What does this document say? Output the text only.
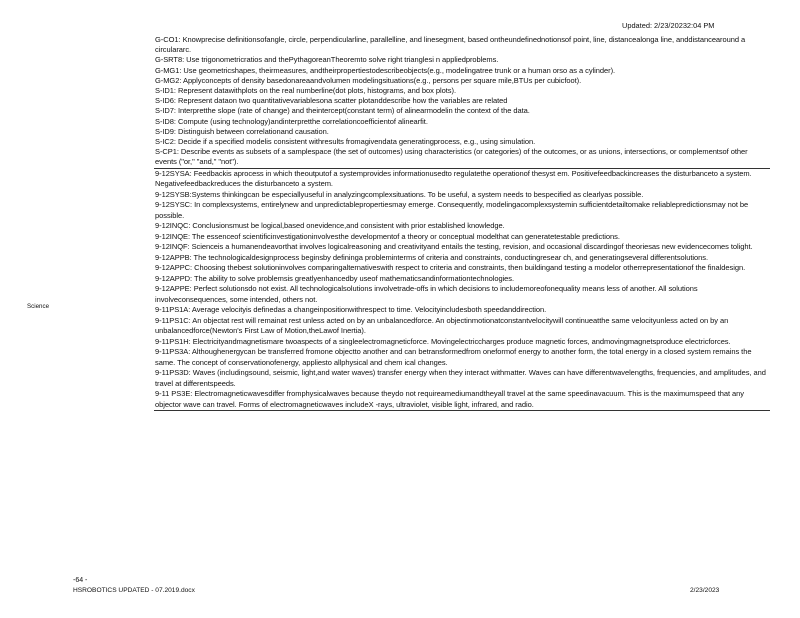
Updated: 2/23/20232:04 PM

G-CO1: Knowprecise definitionsofangle, circle, perpendicularline, parallelline, and linesegment, based ontheundefinednotionsof point, line, distancealonga line, anddistancearound a circulararc.

G-SRT8: Use trigonometricratios and thePythagoreanTheoremto solve right trianglesi n appliedproblems.

G-MG1: Use geometricshapes, theirmeasures, andtheirpropertiestodescribeobjects(e.g., modelingatree trunk or a human orso as a cylinder).

G-MG2: Applyconcepts of density basedonareaandvolumen modelingsituations(e.g., persons per square mile,BTUs per cubicfoot).

S-ID1: Represent datawithplots on the real numberline(dot plots, histograms, and box plots).

S-ID6: Represent dataon two quantitativevariablesona scatter plotanddescribe how the variables are related

S-ID7: Interpretthe slope (rate of change) and theintercept(constant term) of alinearmodelin the context of the data.

S-ID8: Compute (using technology)andinterpretthe correlationcoefficientof alinearfit.

S-ID9: Distinguish between correlationand causation.

S-IC2: Decide if a specified modelis consistent withresults fromagivendata generatingprocess, e.g., using simulation.

S-CP1: Describe events as subsets of a samplespace (the set of outcomes) using characteristics (or categories) of the outcomes, or as unions, intersections, or complementsof other events ("or," "and," "not").

Science

9-12SYSA: Feedbackis aprocess in which theoutputof a systemprovides informationusedto regulatethe operationof thesyst em. Positivefeedbackincreases the disturbanceto a system. Negativefeedbackreduces the disturbanceto a system.

9-12SYSB:Systems thinkingcan be especiallyuseful in analyzingcomplexsituations. To be useful, a system needs to bespecified as clearlyas possible.

9-12SYSC: In complexsystems, entirelynew and unpredictablepropertiesmay emerge. Consequently, modelingacomplexsystemin sufficientdetailtomake reliablepredictionsmay not be possible.

9-12INQC: Conclusionsmust be logical,based onevidence,and consistent with prior established knowledge.

9-12INQE: The essenceof scientificinvestigationinvolvesthe developmentof a theory or conceptual modelthat can generatetestable predictions.

9-12INQF: Scienceis a humanendeavorthat involves logicalreasoning and creativityand entails the testing, revision, and occasional discardingof theoriesas new evidencecomes tolight.

9-12APPB: The technologicaldesignprocess beginsby defininga probleminterms of criteria and constraints, conductingresear ch, and generatingseveral differentsolutions.

9-12APPC: Choosing thebest solutioninvolves comparingalternativeswith respect to criteria and constraints, then buildingand testing a modelor otherrepresentationof the finaldesign.

9-12APPD: The ability to solve problemsis greatlyenhancedby useof mathematicsandinformationtechnologies.

9-12APPE: Perfect solutionsdo not exist. All technologicalsolutions involvetrade-offs in which decisions to includemoreofonequality means less of another. All solutions involveconsequences, some intended, others not.

9-11PS1A: Average velocityis definedas a changeinpositionwithrespect to time. Velocityincludesboth speedanddirection.

9-11PS1C: An objectat rest will remainat rest unless acted on by an unbalancedforce. An objectinmotionatconstantvelocitywill continueatthe same velocityunless acted on by an unbalancedforce(Newton's First Law of Motion,theLawof Inertia).

9-11PS1H: Electricityandmagnetismare twoaspects of a singleelectromagneticforce. Movingelectriccharges produce magnetic forces, andmovingmagnetsproduce electricforces.

9-11PS3A: Althoughenergycan be transferred fromone objectto another and can betransformedfrom oneformof energy to another form, the total energy in a closed system remains the same. The concept of conservationofenergy, appliesto allphysical and chem ical changes.

9-11PS3D: Waves (includingsound, seismic, light,and water waves) transfer energy when they interact withmatter. Waves can have differentwavelengths, frequencies, and amplitudes, and travel at differentspeeds.

9-11 PS3E: Electromagneticwavesdiffer fromphysicalwaves because theydo not requireamediumandtheyall travel at the same speedinavacuum. This is the maximumspeed that any objector wave can travel. Forms of electromagneticwaves includeX -rays, ultraviolet, visible light, infrared, and radio.

-64 -
HSROBOTICS UPDATED - 07.2019.docx	2/23/2023
